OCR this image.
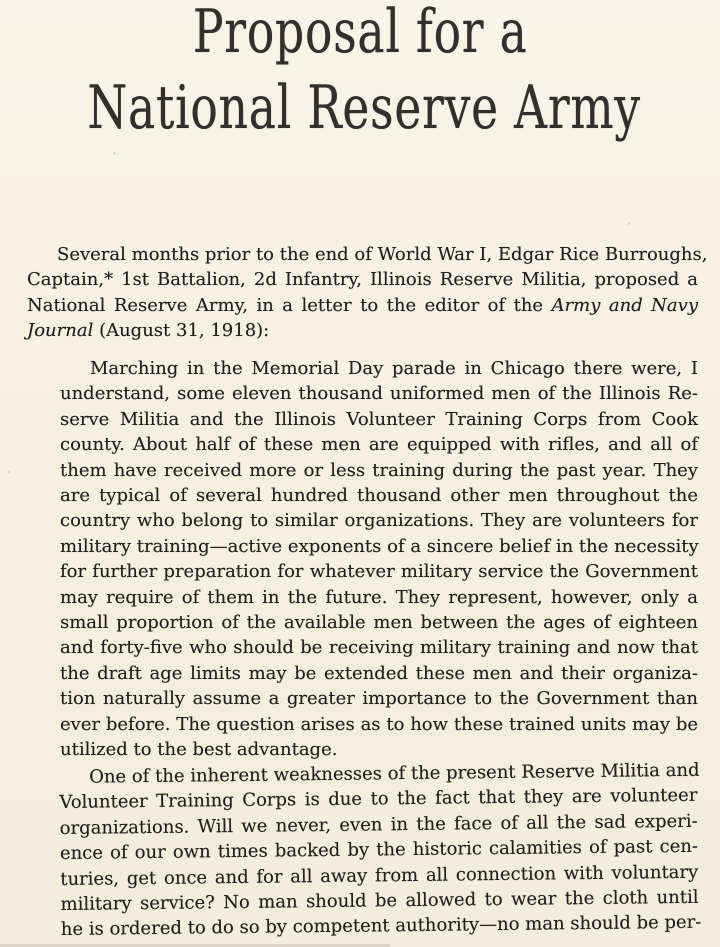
Proposal for a
National Reserve Army
Several months prior to the end of World War I, Edgar Rice Burroughs,
Captain,* 1st Battalion, 2d Infantry, Illinois Reserve Militia, proposed a
National Reserve Army, in a letter to the editor of the Army and Navy
Journal (August 31, 1918):
Marching in the Memorial Day parade in Chicago there were, I
understand, some eleven thousand uniformed men of the Illinois Re-
serve Militia and the Illinois Volunteer Training Corps from Cook
county. About half of these men are equipped with rifles, and all of
them have received more or less training during the past year. They
are typical of several hundred thousand other men throughout the
country who belong to similar organizations. They are volunteers for
military training—active exponents of a sincere belief in the necessity
for further preparation for whatever military service the Government
may require of them in the future. They represent, however, only a
small proportion of the available men between the ages of eighteen
and forty-five who should be receiving military training and now that
the draft age limits may be extended these men and their organiza-
tion naturally assume a greater importance to the Government than
ever before. The question arises as to how these trained units may be
utilized to the best advantage.
One of the inherent weaknesses of the present Reserve Militia and
Volunteer Training Corps is due to the fact that they are volunteer
organizations. Will we never, even in the face of all the sad experi-
ence of our own times backed by the historic calamities of past cen-
turies, get once and for all away from all connection with voluntary
military service? No man should be allowed to wear the cloth until
he is ordered to do so by competent authority—no man should be per-
